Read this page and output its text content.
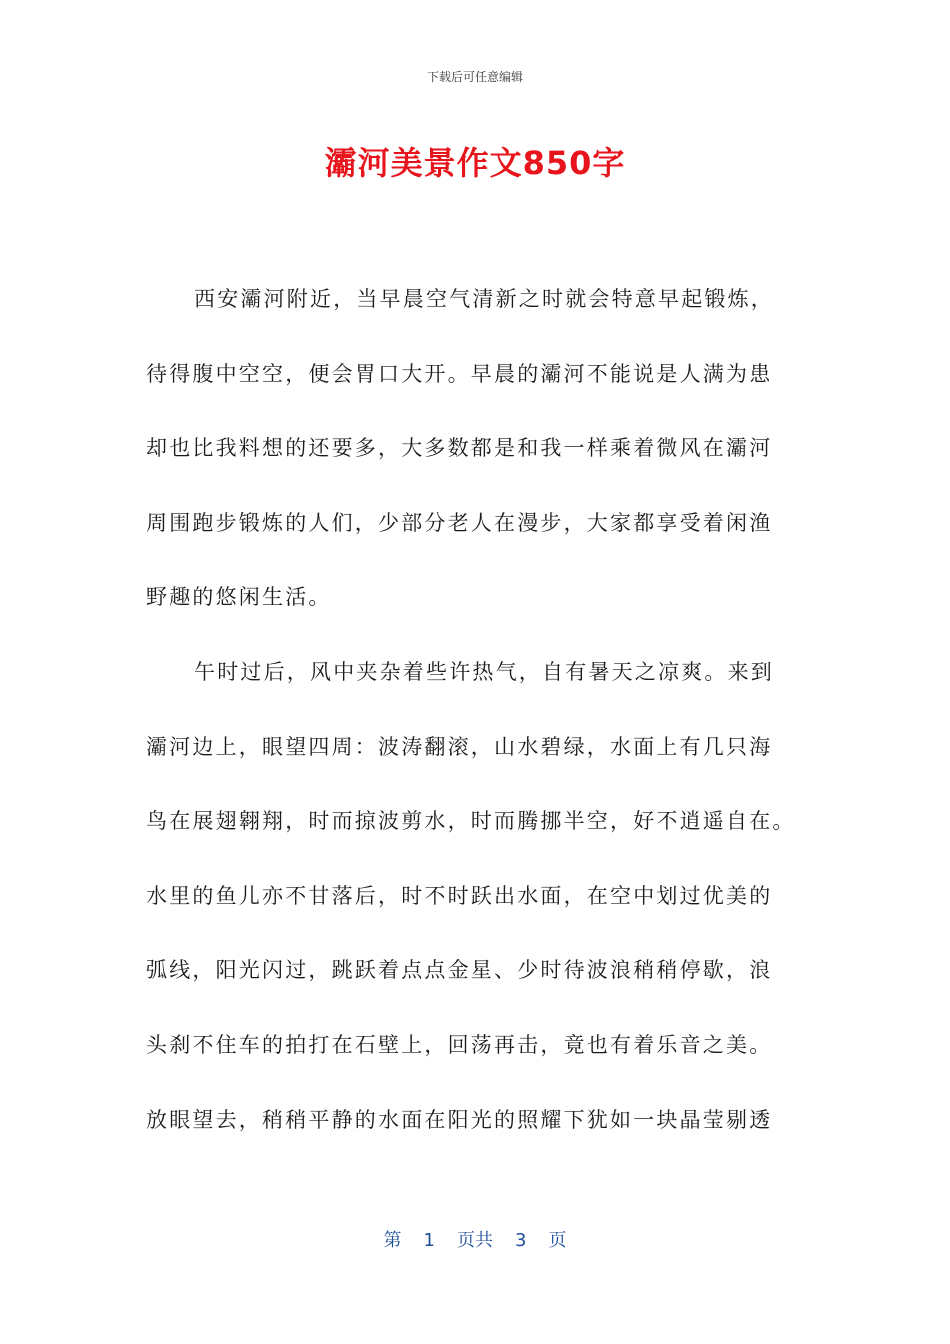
下载后可任意编辑
灞河美景作文850字
西安灞河附近，当早晨空气清新之时就会特意早起锻炼，
待得腹中空空，便会胃口大开。早晨的灞河不能说是人满为患
却也比我料想的还要多，大多数都是和我一样乘着微风在灞河
周围跑步锻炼的人们，少部分老人在漫步，大家都享受着闲渔
野趣的悠闲生活。
午时过后，风中夹杂着些许热气，自有暑天之凉爽。来到
灞河边上，眼望四周：波涛翻滚，山水碧绿，水面上有几只海
鸟在展翅翱翔，时而掠波剪水，时而腾挪半空，好不逍遥自在。
水里的鱼儿亦不甘落后，时不时跃出水面，在空中划过优美的
弧线，阳光闪过，跳跃着点点金星、少时待波浪稍稍停歇，浪
头刹不住车的拍打在石壁上，回荡再击，竟也有着乐音之美。
放眼望去，稍稍平静的水面在阳光的照耀下犹如一块晶莹剔透
第 1 页共 3 页
